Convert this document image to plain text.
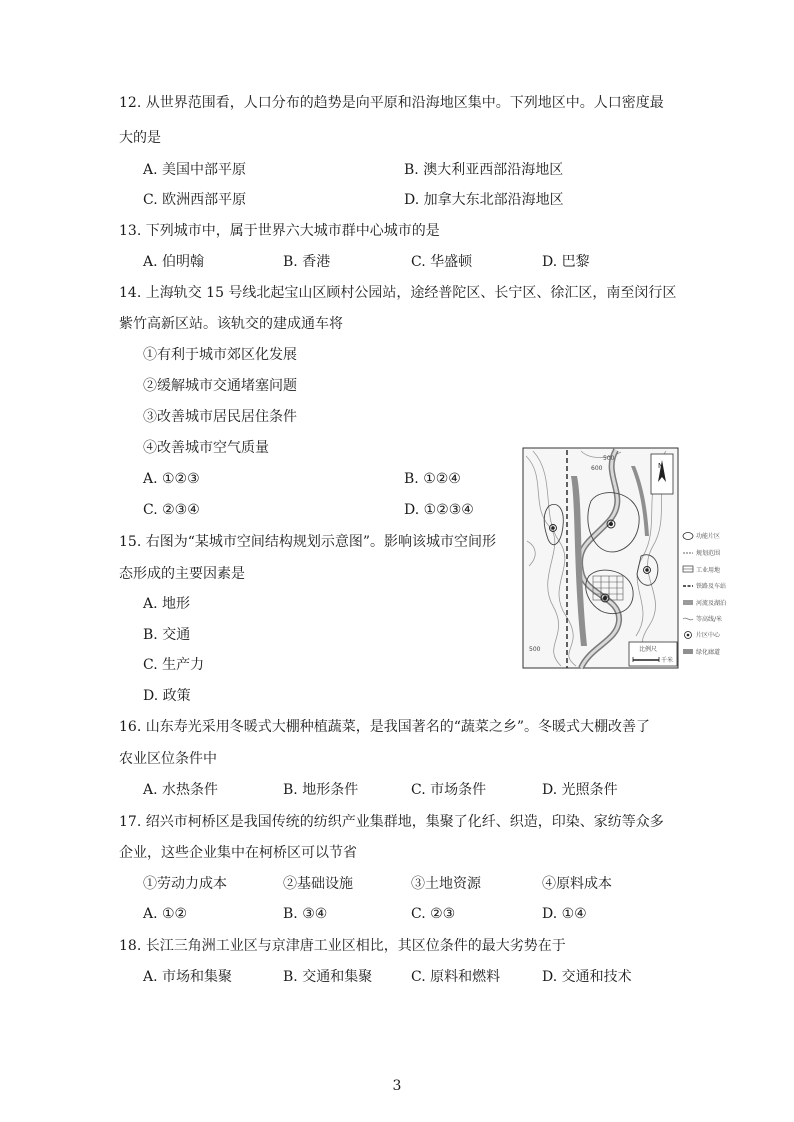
12. 从世界范围看，人口分布的趋势是向平原和沿海地区集中。下列地区中。人口密度最
大的是
A. 美国中部平原	B. 澳大利亚西部沿海地区
C. 欧洲西部平原	D. 加拿大东北部沿海地区
13. 下列城市中，属于世界六大城市群中心城市的是
A. 伯明翰	B. 香港	C. 华盛顿	D. 巴黎
14. 上海轨交 15 号线北起宝山区顾村公园站，途经普陀区、长宁区、徐汇区，南至闵行区
紫竹高新区站。该轨交的建成通车将
①有利于城市郊区化发展
②缓解城市交通堵塞问题
③改善城市居民居住条件
④改善城市空气质量
A. ①②③	B. ①②④
C. ②③④	D. ①②③④
15. 右图为“某城市空间结构规划示意图”。影响该城市空间形
态形成的主要因素是
A. 地形
B. 交通
C. 生产力
D. 政策
16. 山东寿光采用冬暖式大棚种植蔬菜，是我国著名的“蔬菜之乡”。冬暖式大棚改善了
农业区位条件中
A. 水热条件	B. 地形条件	C. 市场条件	D. 光照条件
17. 绍兴市柯桥区是我国传统的纺织产业集群地，集聚了化纤、织造，印染、家纺等众多
企业，这些企业集中在柯桥区可以节省
①劳动力成本	②基础设施	③土地资源	④原料成本
A. ①②	B. ③④	C. ②③	D. ①④
18. 长江三角洲工业区与京津唐工业区相比，其区位条件的最大劣势在于
A. 市场和集聚	B. 交通和集聚	C. 原料和燃料	D. 交通和技术
500
600
500
N
比例尺
千米
功能片区
规划范围
工业用地
铁路及车站
河流及湖泊
等高线/米
片区中心
绿化廊道
3
